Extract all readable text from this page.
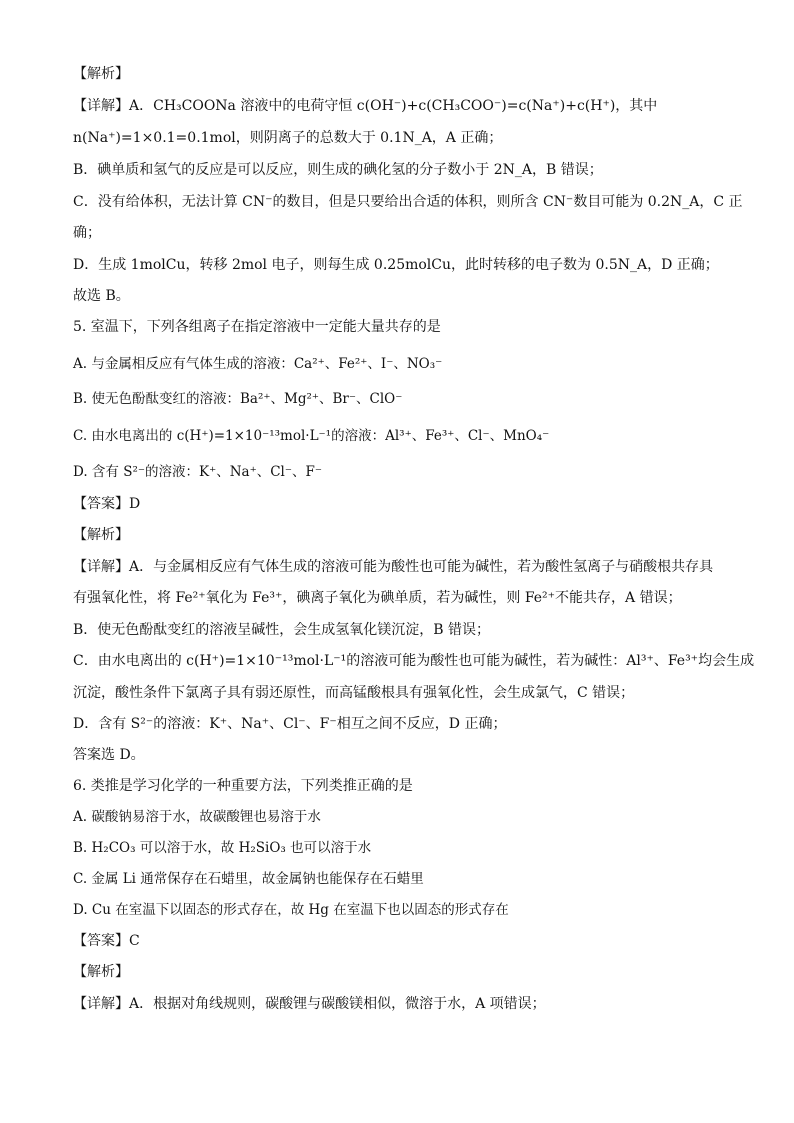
【解析】
【详解】A．CH₃COONa 溶液中的电荷守恒 c(OH⁻)+c(CH₃COO⁻)=c(Na⁺)+c(H⁺)，其中
n(Na⁺)=1×0.1=0.1mol，则阴离子的总数大于 0.1N_A，A 正确；
B．碘单质和氢气的反应是可以反应，则生成的碘化氢的分子数小于 2N_A，B 错误；
C．没有给体积，无法计算 CN⁻的数目，但是只要给出合适的体积，则所含 CN⁻数目可能为 0.2N_A，C 正
确；
D．生成 1molCu，转移 2mol 电子，则每生成 0.25molCu，此时转移的电子数为 0.5N_A，D 正确；
故选 B。
5. 室温下，下列各组离子在指定溶液中一定能大量共存的是
A. 与金属相反应有气体生成的溶液：Ca²⁺、Fe²⁺、I⁻、NO₃⁻
B. 使无色酚酞变红的溶液：Ba²⁺、Mg²⁺、Br⁻、ClO⁻
C. 由水电离出的 c(H⁺)=1×10⁻¹³mol·L⁻¹的溶液：Al³⁺、Fe³⁺、Cl⁻、MnO₄⁻
D. 含有 S²⁻的溶液：K⁺、Na⁺、Cl⁻、F⁻
【答案】D
【解析】
【详解】A．与金属相反应有气体生成的溶液可能为酸性也可能为碱性，若为酸性氢离子与硝酸根共存具
有强氧化性，将 Fe²⁺氧化为 Fe³⁺，碘离子氧化为碘单质，若为碱性，则 Fe²⁺不能共存，A 错误；
B．使无色酚酞变红的溶液呈碱性，会生成氢氧化镁沉淀，B 错误；
C．由水电离出的 c(H⁺)=1×10⁻¹³mol·L⁻¹的溶液可能为酸性也可能为碱性，若为碱性：Al³⁺、Fe³⁺均会生成
沉淀，酸性条件下氯离子具有弱还原性，而高锰酸根具有强氧化性，会生成氯气，C 错误；
D．含有 S²⁻的溶液：K⁺、Na⁺、Cl⁻、F⁻相互之间不反应，D 正确；
答案选 D。
6. 类推是学习化学的一种重要方法，下列类推正确的是
A. 碳酸钠易溶于水，故碳酸锂也易溶于水
B. H₂CO₃ 可以溶于水，故 H₂SiO₃ 也可以溶于水
C. 金属 Li 通常保存在石蜡里，故金属钠也能保存在石蜡里
D. Cu 在室温下以固态的形式存在，故 Hg 在室温下也以固态的形式存在
【答案】C
【解析】
【详解】A．根据对角线规则，碳酸锂与碳酸镁相似，微溶于水，A 项错误；
